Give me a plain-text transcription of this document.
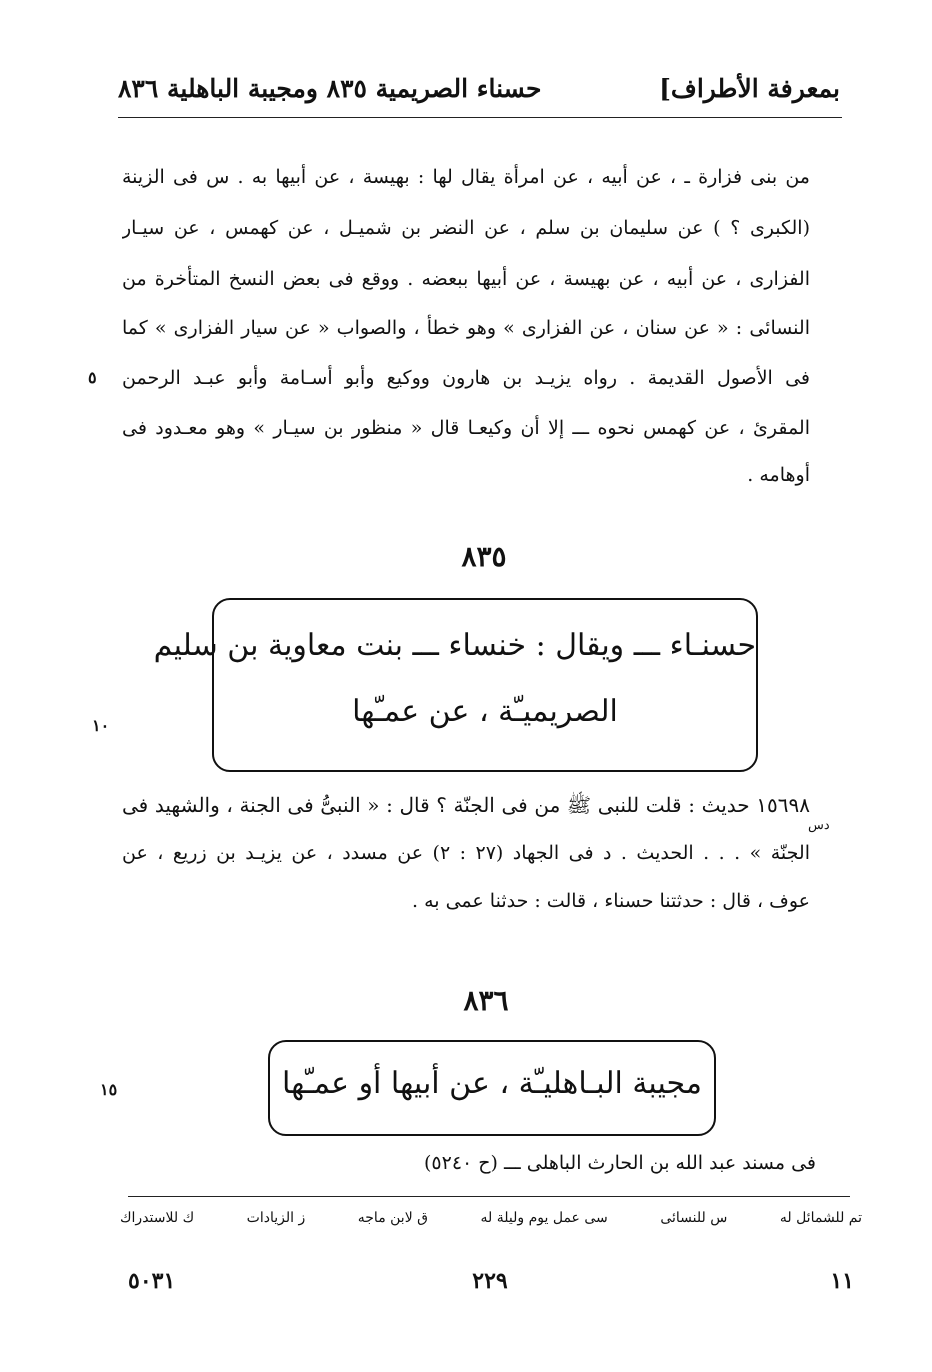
بمعرفة الأطراف]
حسناء الصريمية ٨٣٥ ومجيبة الباهلية ٨٣٦
من بنى فزارة ـ ، عن أبيه ، عن امرأة يقال لها : بهيسة ، عن أبيها به . س فى الزينة
(الكبرى ؟ ) عن سليمان بن سلم ، عن النضر بن شميـل ، عن كهمس ، عن سيـار
الفزارى ، عن أبيه ، عن بهيسة ، عن أبيها ببعضه . ووقع فى بعض النسخ المتأخرة من
النسائى : « عن سنان ، عن الفزارى » وهو خطأ ، والصواب « عن سيار الفزارى » كما
فى الأصول القديمة . رواه يزيـد بن هارون ووكيع وأبو أسـامة وأبو عبـد الرحمن
المقرئ ، عن كهمس نحوه ـــ إلا أن وكيعـا قال « منظور بن سيـار » وهو معـدود فى
أوهامه .
٥
٨٣٥
حسنـاء ـــ ويقال : خنساء ـــ بنت معاوية بن سليم
الصريميـّة ، عن عمـّها
١٠
١٥٦٩٨ حديث : قلت للنبى ﷺ من فى الجنّة ؟ قال : « النبىُّ فى الجنة ، والشهيد فى
الجنّة » . . . الحديث . د فى الجهاد (٢٧ : ٢) عن مسدد ، عن يزيـد بن زريع ، عن
عوف ، قال : حدثتنا حسناء ، قالت : حدثنا عمى به .
دس
٨٣٦
مجيبة البـاهليـّة ، عن أبيها أو عمـّها
١٥
فى مسند عبد الله بن الحارث الباهلى ـــ (ح ٥٢٤٠)
تم للشمائل له
س للنسائى
سى عمل يوم وليلة له
ق لابن ماجه
ز الزيادات
ك للاستدراك
١١
٢٢٩
٥٠٣١
